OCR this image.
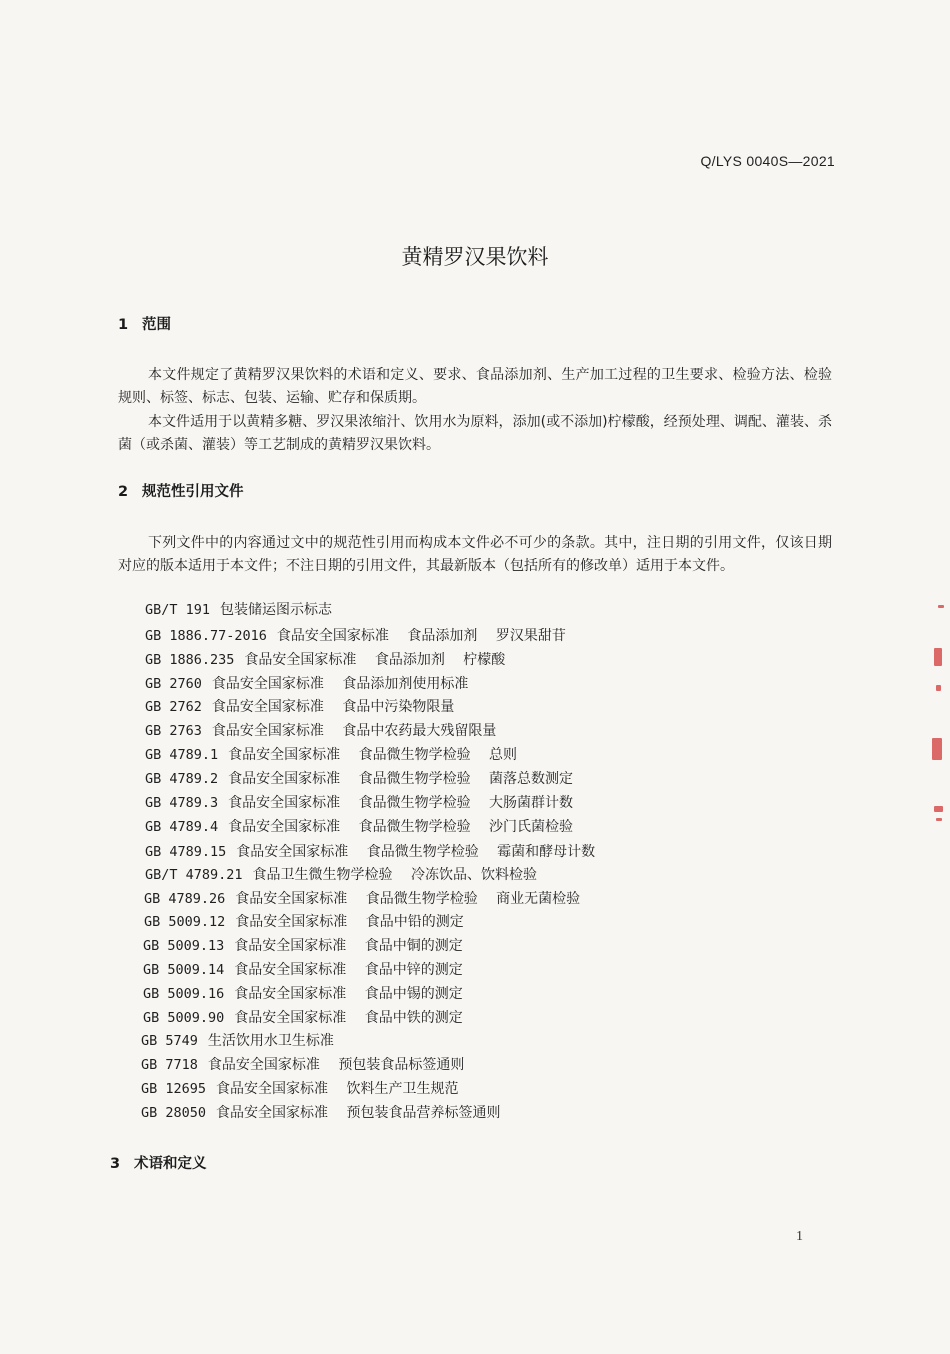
Q/LYS 0040S—2021
黄精罗汉果饮料
1 范围
本文件规定了黄精罗汉果饮料的术语和定义、要求、食品添加剂、生产加工过程的卫生要求、检验方法、检验规则、标签、标志、包装、运输、贮存和保质期。
本文件适用于以黄精多糖、罗汉果浓缩汁、饮用水为原料，添加(或不添加)柠檬酸，经预处理、调配、灌装、杀菌（或杀菌、灌装）等工艺制成的黄精罗汉果饮料。
2 规范性引用文件
下列文件中的内容通过文中的规范性引用而构成本文件必不可少的条款。其中，注日期的引用文件，仅该日期对应的版本适用于本文件；不注日期的引用文件，其最新版本（包括所有的修改单）适用于本文件。
GB/T 191 包装储运图示标志
GB 1886.77-2016 食品安全国家标准 食品添加剂 罗汉果甜苷
GB 1886.235 食品安全国家标准 食品添加剂 柠檬酸
GB 2760 食品安全国家标准 食品添加剂使用标准
GB 2762 食品安全国家标准 食品中污染物限量
GB 2763 食品安全国家标准 食品中农药最大残留限量
GB 4789.1 食品安全国家标准 食品微生物学检验 总则
GB 4789.2 食品安全国家标准 食品微生物学检验 菌落总数测定
GB 4789.3 食品安全国家标准 食品微生物学检验 大肠菌群计数
GB 4789.4 食品安全国家标准 食品微生物学检验 沙门氏菌检验
GB 4789.15 食品安全国家标准 食品微生物学检验 霉菌和酵母计数
GB/T 4789.21 食品卫生微生物学检验 冷冻饮品、饮料检验
GB 4789.26 食品安全国家标准 食品微生物学检验 商业无菌检验
GB 5009.12 食品安全国家标准 食品中铅的测定
GB 5009.13 食品安全国家标准 食品中铜的测定
GB 5009.14 食品安全国家标准 食品中锌的测定
GB 5009.16 食品安全国家标准 食品中锡的测定
GB 5009.90 食品安全国家标准 食品中铁的测定
GB 5749 生活饮用水卫生标准
GB 7718 食品安全国家标准 预包装食品标签通则
GB 12695 食品安全国家标准 饮料生产卫生规范
GB 28050 食品安全国家标准 预包装食品营养标签通则
3 术语和定义
1
